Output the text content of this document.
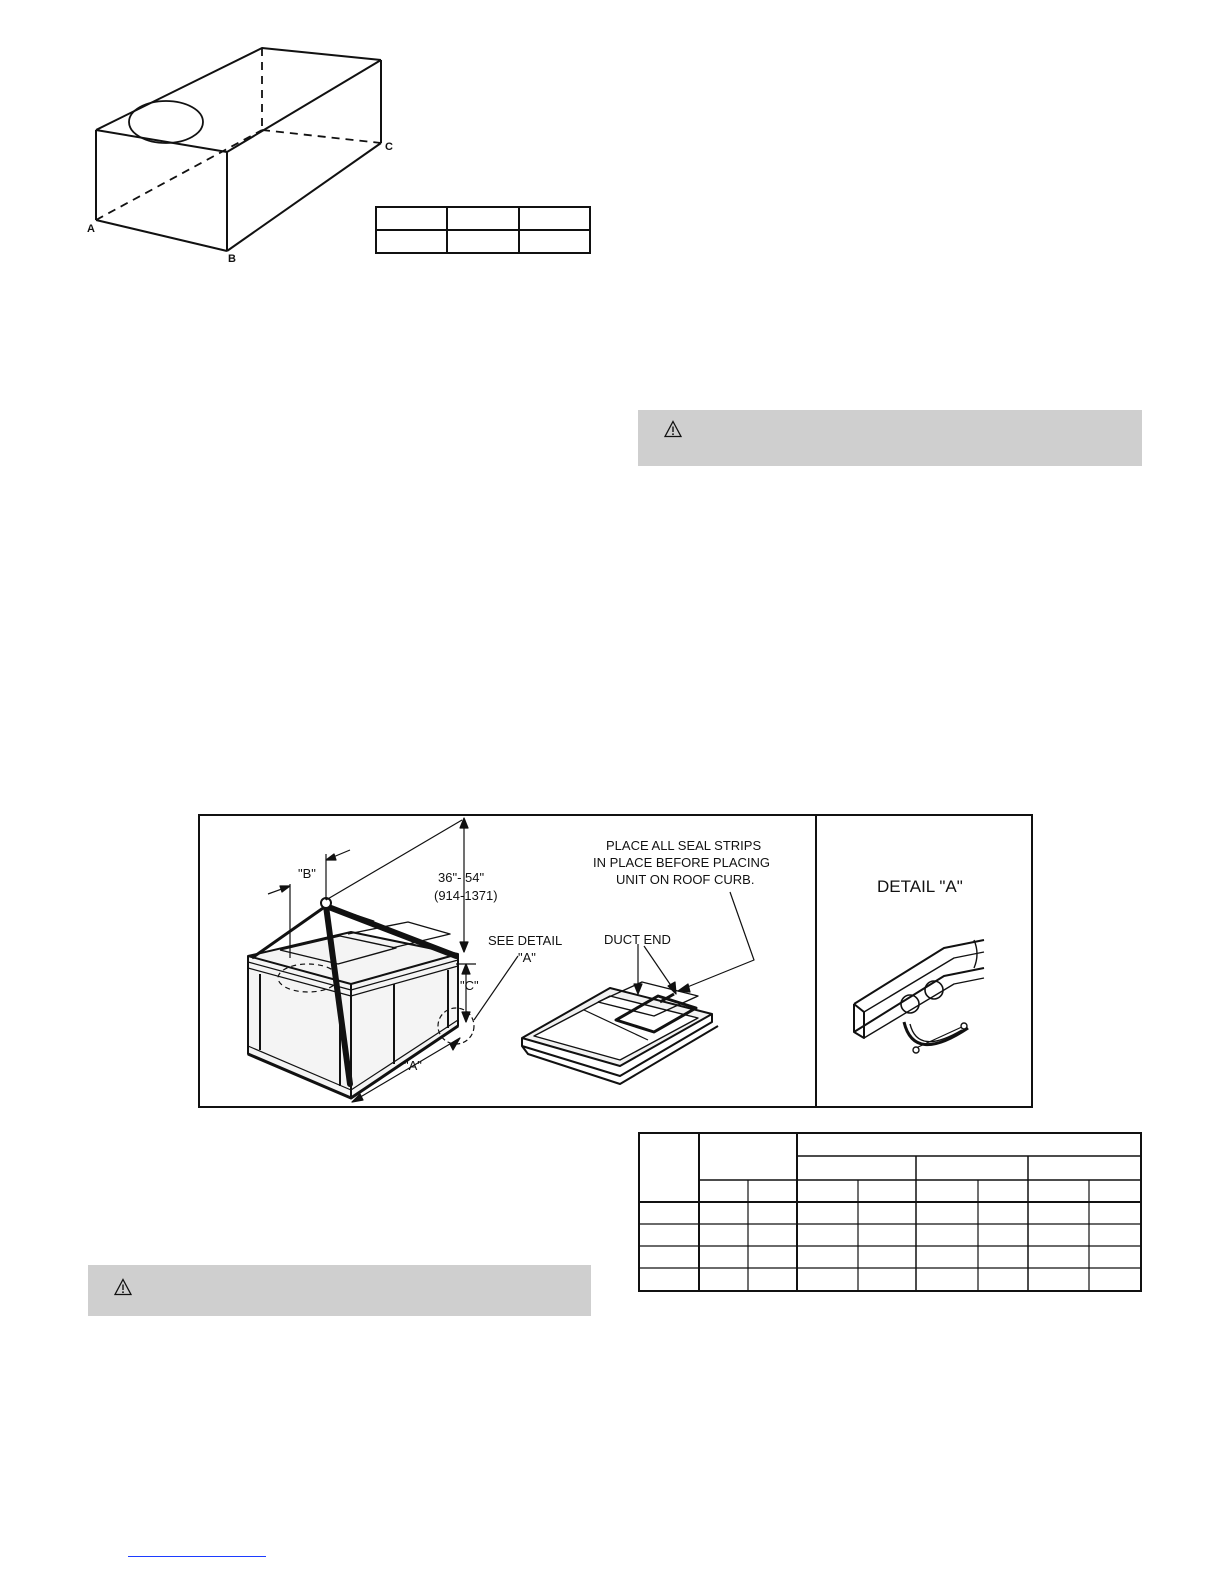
A
B
C

"B"	36"- 54"
(914-1371)
"C"
"A"
SEE DETAIL
"A"
DUCT END
PLACE ALL SEAL STRIPS
IN PLACE BEFORE PLACING
UNIT ON ROOF CURB.	DETAIL "A"
